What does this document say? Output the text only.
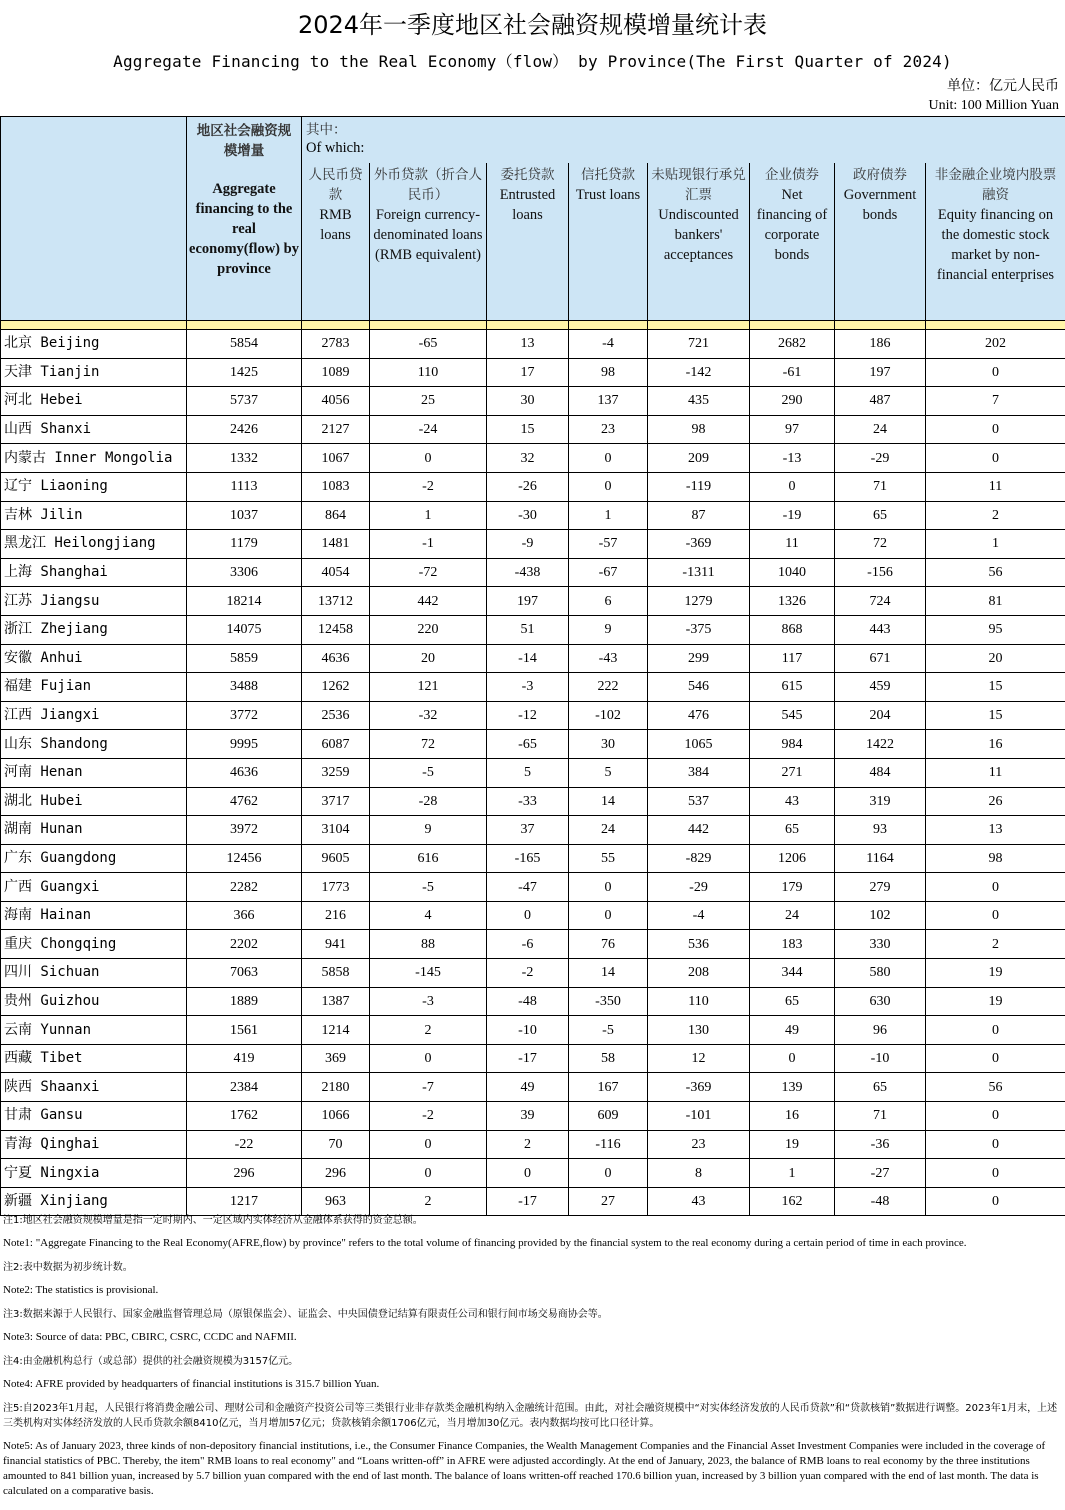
2024年一季度地区社会融资规模增量统计表
Aggregate Financing to the Real Economy（flow） by Province(The First Quarter of 2024)
单位：亿元人民币
Unit: 100 Million Yuan

	地区社会融资规模增量
Aggregate financing to the real economy(flow) by province	其中：
Of which:							

		人民币贷款
RMB loans	外币贷款（折合人民币）
Foreign currency-denominated loans (RMB equivalent)	委托贷款
Entrusted loans	信托贷款
Trust loans	未贴现银行承兑汇票
Undiscounted bankers' acceptances	企业债券
Net financing of corporate bonds	政府债券
Government bonds	非金融企业境内股票融资
Equity financing on the domestic stock market by non-financial enterprises

北京 Beijing	5854	2783	-65	13	-4	721	2682	186	202
天津 Tianjin	1425	1089	110	17	98	-142	-61	197	0
河北 Hebei	5737	4056	25	30	137	435	290	487	7
山西 Shanxi	2426	2127	-24	15	23	98	97	24	0
内蒙古 Inner Mongolia	1332	1067	0	32	0	209	-13	-29	0
辽宁 Liaoning	1113	1083	-2	-26	0	-119	0	71	11
吉林 Jilin	1037	864	1	-30	1	87	-19	65	2
黑龙江 Heilongjiang	1179	1481	-1	-9	-57	-369	11	72	1
上海 Shanghai	3306	4054	-72	-438	-67	-1311	1040	-156	56
江苏 Jiangsu	18214	13712	442	197	6	1279	1326	724	81
浙江 Zhejiang	14075	12458	220	51	9	-375	868	443	95
安徽 Anhui	5859	4636	20	-14	-43	299	117	671	20
福建 Fujian	3488	1262	121	-3	222	546	615	459	15
江西 Jiangxi	3772	2536	-32	-12	-102	476	545	204	15
山东 Shandong	9995	6087	72	-65	30	1065	984	1422	16
河南 Henan	4636	3259	-5	5	5	384	271	484	11
湖北 Hubei	4762	3717	-28	-33	14	537	43	319	26
湖南 Hunan	3972	3104	9	37	24	442	65	93	13
广东 Guangdong	12456	9605	616	-165	55	-829	1206	1164	98
广西 Guangxi	2282	1773	-5	-47	0	-29	179	279	0
海南 Hainan	366	216	4	0	0	-4	24	102	0
重庆 Chongqing	2202	941	88	-6	76	536	183	330	2
四川 Sichuan	7063	5858	-145	-2	14	208	344	580	19
贵州 Guizhou	1889	1387	-3	-48	-350	110	65	630	19
云南 Yunnan	1561	1214	2	-10	-5	130	49	96	0
西藏 Tibet	419	369	0	-17	58	12	0	-10	0
陕西 Shaanxi	2384	2180	-7	49	167	-369	139	65	56
甘肃 Gansu	1762	1066	-2	39	609	-101	16	71	0
青海 Qinghai	-22	70	0	2	-116	23	19	-36	0
宁夏 Ningxia	296	296	0	0	0	8	1	-27	0
新疆 Xinjiang	1217	963	2	-17	27	43	162	-48	0
注1:地区社会融资规模增量是指一定时期内、一定区域内实体经济从金融体系获得的资金总额。
Note1: "Aggregate Financing to the Real Economy(AFRE,flow) by province" refers to the total volume of financing provided by the financial system to the real economy during a certain period of time in each province.
注2:表中数据为初步统计数。
Note2: The statistics is provisional.
注3:数据来源于人民银行、国家金融监督管理总局（原银保监会）、证监会、中央国债登记结算有限责任公司和银行间市场交易商协会等。
Note3: Source of data: PBC, CBIRC, CSRC, CCDC and NAFMII.
注4:由金融机构总行（或总部）提供的社会融资规模为3157亿元。
Note4: AFRE provided by headquarters of financial institutions is 315.7 billion Yuan.
注5:自2023年1月起，人民银行将消费金融公司、理财公司和金融资产投资公司等三类银行业非存款类金融机构纳入金融统计范围。由此，对社会融资规模中“对实体经济发放的人民币贷款”和“贷款核销”数据进行调整。2023年1月末，上述三类机构对实体经济发放的人民币贷款余额8410亿元，当月增加57亿元；贷款核销余额1706亿元，当月增加30亿元。表内数据均按可比口径计算。
Note5: As of January 2023, three kinds of non-depository financial institutions, i.e., the Consumer Finance Companies, the Wealth Management Companies and the Financial Asset Investment Companies were included in the coverage of financial statistics of PBC. Thereby, the item" RMB loans to real economy" and “Loans written-off” in AFRE were adjusted accordingly. At the end of January, 2023, the balance of RMB loans to real economy by the three institutions amounted to 841 billion yuan, increased by 5.7 billion yuan compared with the end of last month. The balance of loans written-off reached 170.6 billion yuan, increased by 3 billion yuan compared with the end of last month. The data is calculated on a comparative basis.
